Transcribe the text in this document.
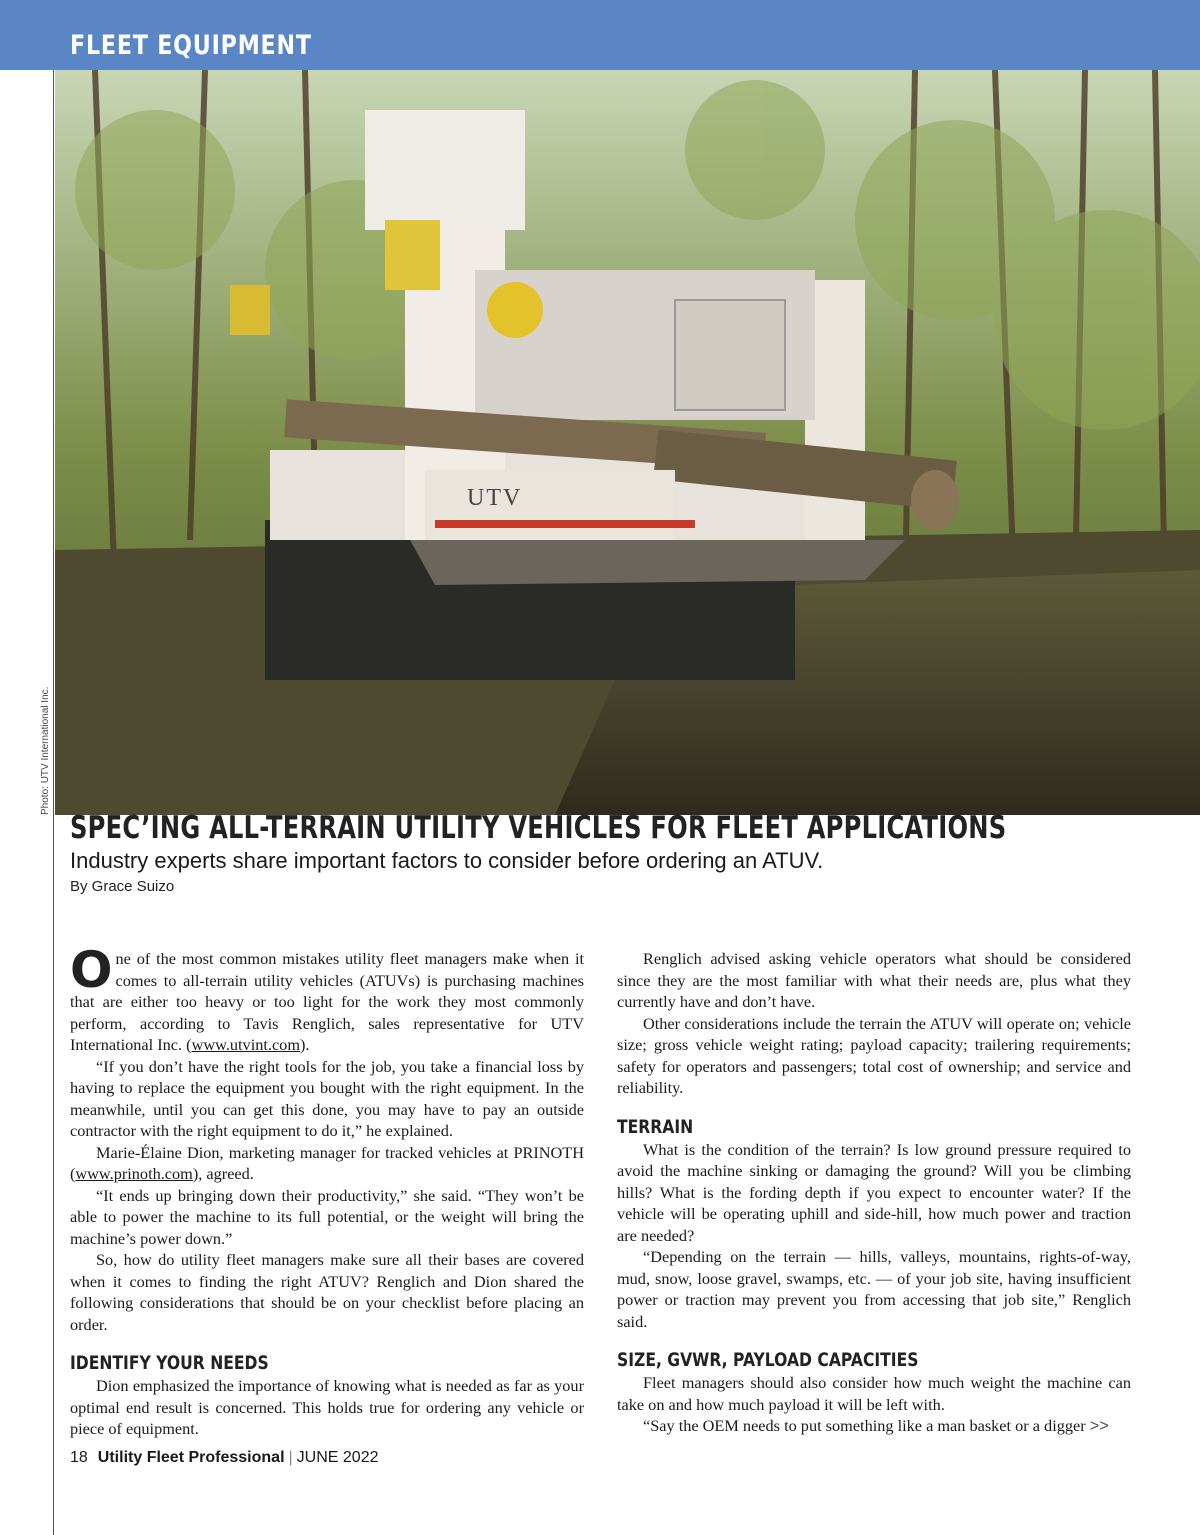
FLEET EQUIPMENT
UTV
Photo: UTV International Inc.
SPEC’ING ALL-TERRAIN UTILITY VEHICLES FOR FLEET APPLICATIONS
Industry experts share important factors to consider before ordering an ATUV.
By Grace Suizo

One of the most common mistakes utility fleet managers make when it comes to all-terrain utility vehicles (ATUVs) is purchasing machines that are either too heavy or too light for the work they most commonly perform, according to Tavis Renglich, sales representative for UTV International Inc. (www.utvint.com).

“If you don’t have the right tools for the job, you take a financial loss by having to replace the equipment you bought with the right equipment. In the meanwhile, until you can get this done, you may have to pay an outside contractor with the right equipment to do it,” he explained.

Marie-Élaine Dion, marketing manager for tracked vehicles at PRINOTH (www.prinoth.com), agreed.

“It ends up bringing down their productivity,” she said. “They won’t be able to power the machine to its full potential, or the weight will bring the machine’s power down.”

So, how do utility fleet managers make sure all their bases are covered when it comes to finding the right ATUV? Renglich and Dion shared the following considerations that should be on your checklist before placing an order.

IDENTIFY YOUR NEEDS

Dion emphasized the importance of knowing what is needed as far as your optimal end result is concerned. This holds true for ordering any vehicle or piece of equipment.

Renglich advised asking vehicle operators what should be considered since they are the most familiar with what their needs are, plus what they currently have and don’t have.

Other considerations include the terrain the ATUV will operate on; vehicle size; gross vehicle weight rating; payload capacity; trailering requirements; safety for operators and passengers; total cost of ownership; and service and reliability.

TERRAIN

What is the condition of the terrain? Is low ground pressure required to avoid the machine sinking or damaging the ground? Will you be climbing hills? What is the fording depth if you expect to encounter water? If the vehicle will be operating uphill and side-hill, how much power and traction are needed?

“Depending on the terrain — hills, valleys, mountains, rights-of-way, mud, snow, loose gravel, swamps, etc. — of your job site, having insufficient power or traction may prevent you from accessing that job site,” Renglich said.

SIZE, GVWR, PAYLOAD CAPACITIES

Fleet managers should also consider how much weight the machine can take on and how much payload it will be left with.

“Say the OEM needs to put something like a man basket or a digger >>

18 Utility Fleet Professional | JUNE 2022
